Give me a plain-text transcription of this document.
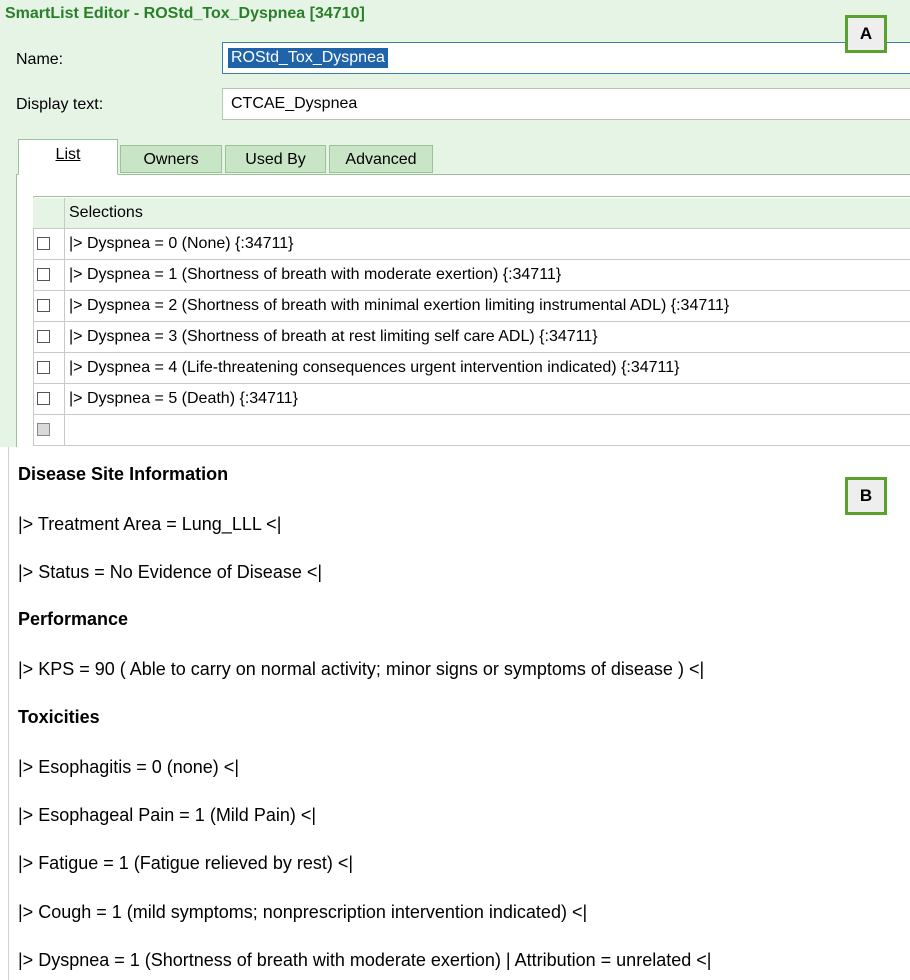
SmartList Editor - ROStd_Tox_Dyspnea [34710]
Name:	ROStd_Tox_Dyspnea
Display text:	CTCAE_Dyspnea
List	Owners	Used By	Advanced
Selections
|> Dyspnea = 0 (None) {:34711}
|> Dyspnea = 1 (Shortness of breath with moderate exertion) {:34711}
|> Dyspnea = 2 (Shortness of breath with minimal exertion limiting instrumental ADL) {:34711}
|> Dyspnea = 3 (Shortness of breath at rest limiting self care ADL) {:34711}
|> Dyspnea = 4 (Life-threatening consequences urgent intervention indicated) {:34711}
|> Dyspnea = 5 (Death) {:34711}
A
B
Disease Site Information
|> Treatment Area = Lung_LLL <|
|> Status = No Evidence of Disease <|
Performance
|> KPS = 90 ( Able to carry on normal activity; minor signs or symptoms of disease ) <|
Toxicities
|> Esophagitis = 0 (none) <|
|> Esophageal Pain = 1 (Mild Pain) <|
|> Fatigue = 1 (Fatigue relieved by rest) <|
|> Cough = 1 (mild symptoms; nonprescription intervention indicated) <|
|> Dyspnea = 1 (Shortness of breath with moderate exertion) | Attribution = unrelated <|
